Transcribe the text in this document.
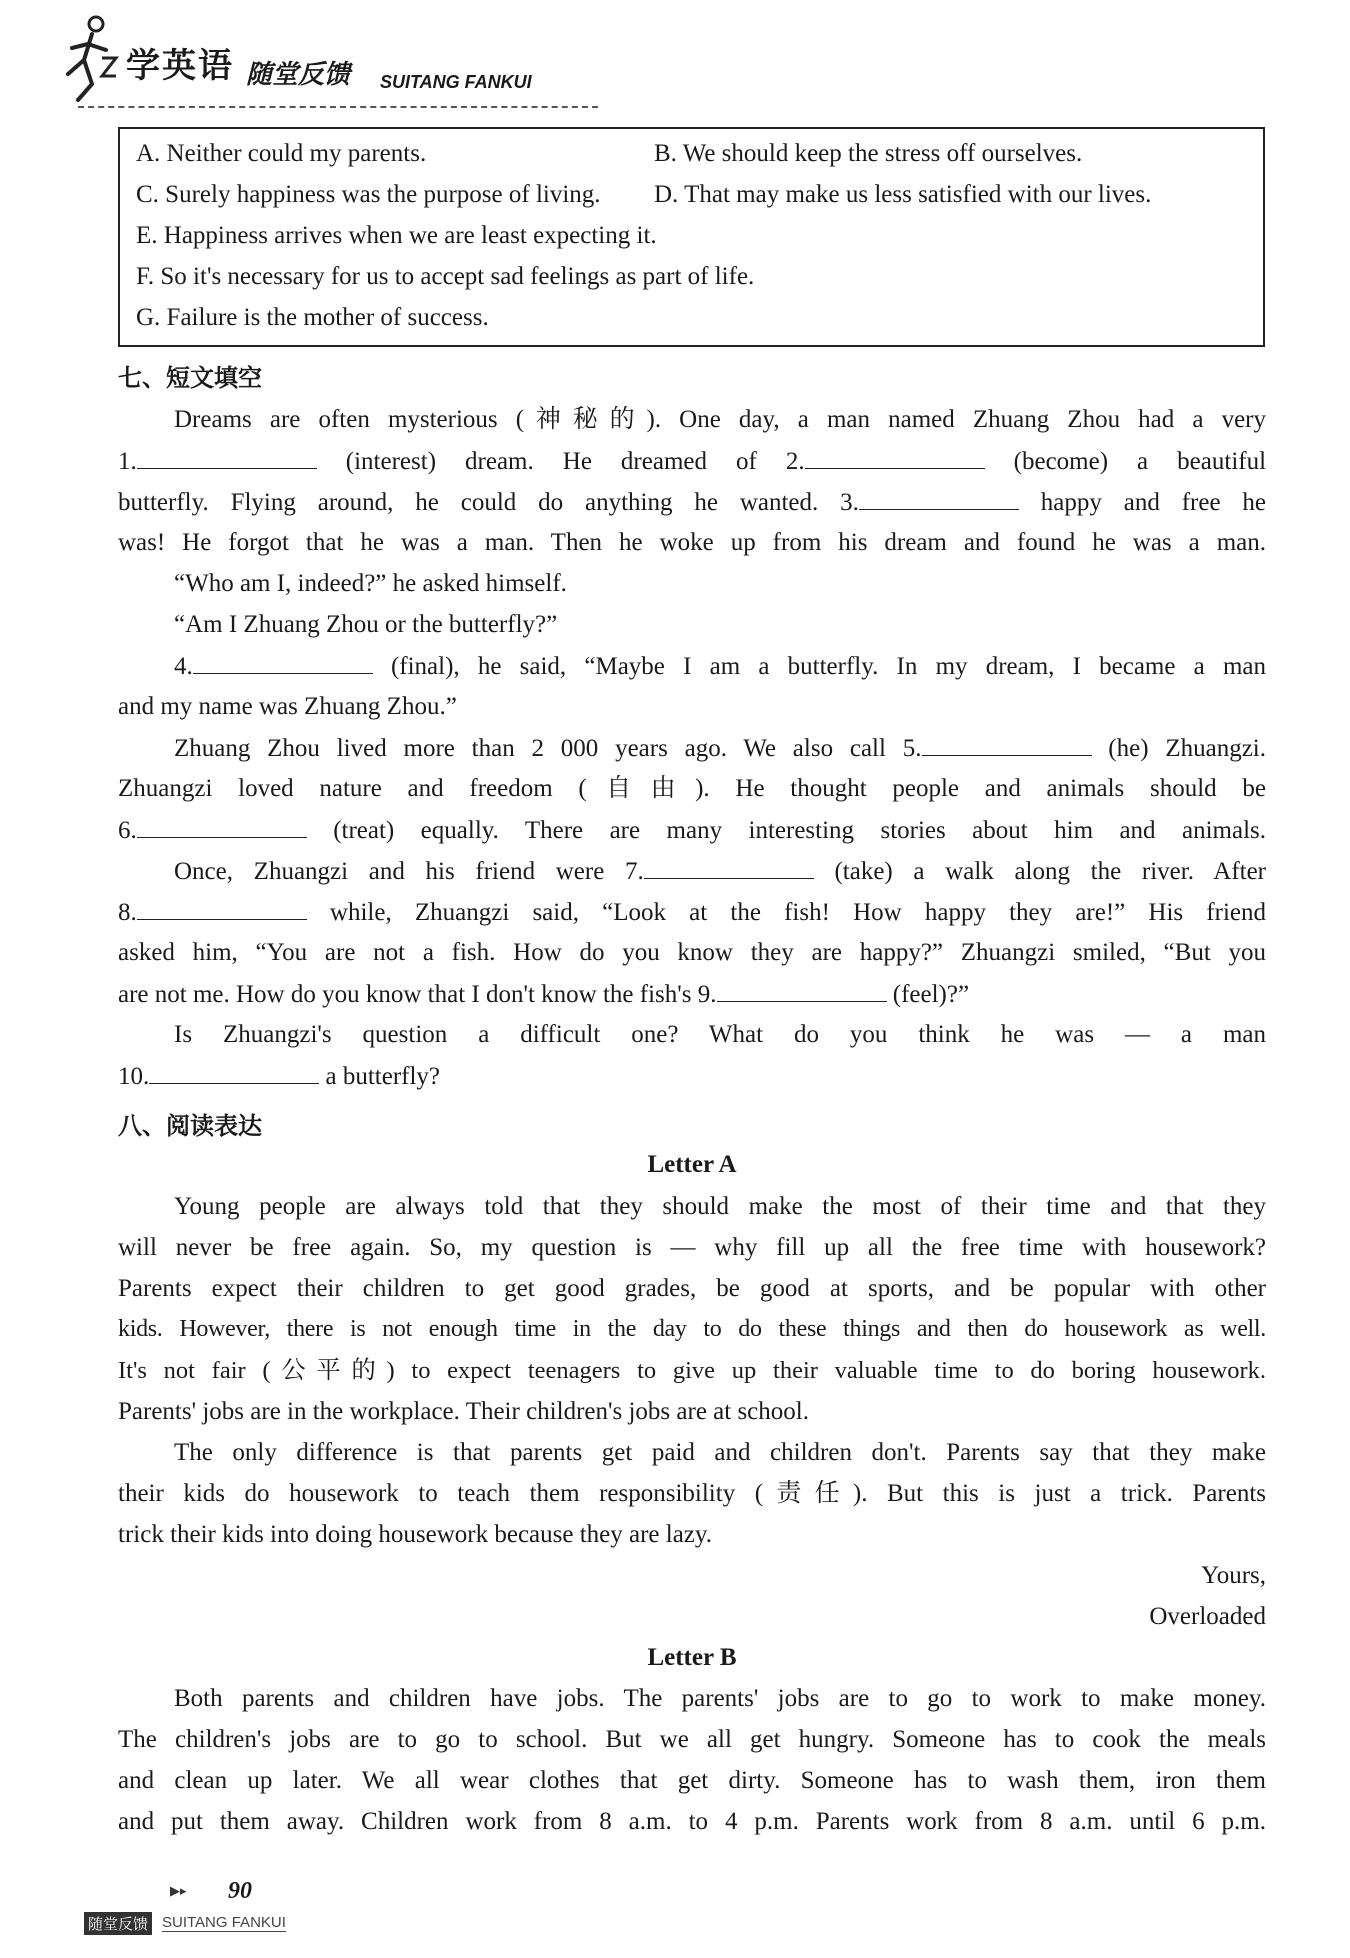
学英语 随堂反馈 SUITANG FANKUI
A. Neither could my parents.	B. We should keep the stress off ourselves.
C. Surely happiness was the purpose of living. D. That may make us less satisfied with our lives.
E. Happiness arrives when we are least expecting it.
F. So it's necessary for us to accept sad feelings as part of life.
G. Failure is the mother of success.
七、短文填空
Dreams are often mysterious (神秘的). One day, a man named Zhuang Zhou had a very
1.	(interest) dream. He dreamed of 2.	(become) a beautiful
butterfly. Flying around, he could do anything he wanted. 3.	happy and free he
was! He forgot that he was a man. Then he woke up from his dream and found he was a man.
“Who am I, indeed?” he asked himself.
“Am I Zhuang Zhou or the butterfly?”
4.	(final), he said, “Maybe I am a butterfly. In my dream, I became a man
and my name was Zhuang Zhou.”
Zhuang Zhou lived more than 2 000 years ago. We also call 5.	(he) Zhuangzi.
Zhuangzi loved nature and freedom (自由). He thought people and animals should be
6.	(treat) equally. There are many interesting stories about him and animals.
Once, Zhuangzi and his friend were 7.	(take) a walk along the river. After
8.	while, Zhuangzi said, “Look at the fish! How happy they are!” His friend
asked him, “You are not a fish. How do you know they are happy?” Zhuangzi smiled, “But you
are not me. How do you know that I don't know the fish's 9.	(feel)?”
Is Zhuangzi's question a difficult one? What do you think he was — a man
10.	a butterfly?
八、阅读表达
Letter A
Young people are always told that they should make the most of their time and that they
will never be free again. So, my question is — why fill up all the free time with housework?
Parents expect their children to get good grades, be good at sports, and be popular with other
kids. However, there is not enough time in the day to do these things and then do housework as well.
It's not fair (公平的) to expect teenagers to give up their valuable time to do boring housework.
Parents' jobs are in the workplace. Their children's jobs are at school.
The only difference is that parents get paid and children don't. Parents say that they make
their kids do housework to teach them responsibility (责任). But this is just a trick. Parents
trick their kids into doing housework because they are lazy.
Yours,
Overloaded
Letter B
Both parents and children have jobs. The parents' jobs are to go to work to make money.
The children's jobs are to go to school. But we all get hungry. Someone has to cook the meals
and clean up later. We all wear clothes that get dirty. Someone has to wash them, iron them
and put them away. Children work from 8 a.m. to 4 p.m. Parents work from 8 a.m. until 6 p.m.
▶▸ 90
随堂反馈 SUITANG FANKUI
